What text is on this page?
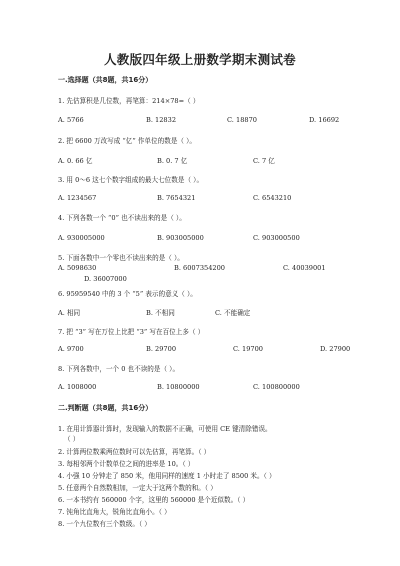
人教版四年级上册数学期末测试卷
一.选择题（共8题，共16分）
1. 先估算积是几位数，再笔算：214×78=（ ）
A. 5766	B. 12832	C. 18870	D. 16692
2. 把 6600 万改写成 “亿” 作单位的数是（ ）。
A. 0. 66 亿	B. 0. 7 亿	C. 7 亿
3. 用 0～6 这七个数字组成的最大七位数是（ ）。
A. 1234567	B. 7654321	C. 6543210
4. 下列各数一个 “0” 也不读出来的是（ ）。
A. 930005000	B. 903005000	C. 903000500
5. 下面各数中一个零也不读出来的是（ ）。
A. 5098630	B. 6007354200	C. 40039001
D. 36007000
6. 95959540 中的 3 个 “5” 表示的意义（ ）。
A. 相同	B. 不相同	C. 不能确定
7. 把 “3” 写在万位上比把 “3” 写在百位上多（ ）
A. 9700	B. 29700	C. 19700	D. 27900
8. 下列各数中，一个 0 也不读的是（ ）。
A. 1008000	B. 10800000	C. 100800000
二.判断题（共8题，共16分）
1. 在用计算器计算时，发现输入的数据不正确，可使用 CE 键清除错误。
（ ）
2. 计算两位数乘两位数时可以先估算，再笔算。（ ）
3. 每相邻两个计数单位之间的进率是 10。（ ）
4. 小强 10 分钟走了 850 米，他用同样的速度 1 小时走了 8500 米。（ ）
5. 任意两个自然数相加，一定大于这两个数的和。（ ）
6. 一本书约有 560000 个字，这里的 560000 是个近似数。（ ）
7. 钝角比直角大，锐角比直角小。（ ）
8. 一个九位数有三个数级。（ ）
